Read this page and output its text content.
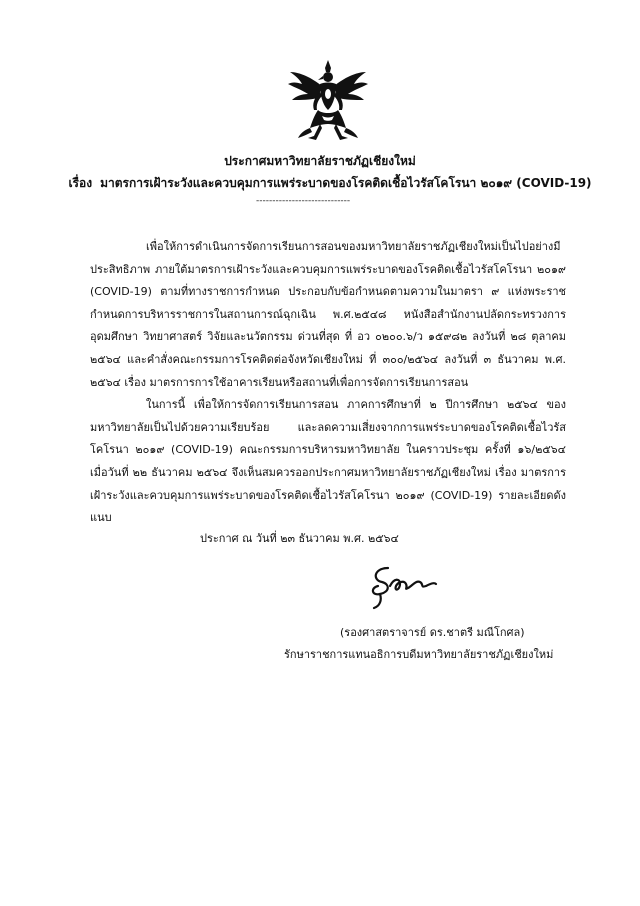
ประกาศมหาวิทยาลัยราชภัฏเชียงใหม่
เรื่อง มาตรการเฝ้าระวังและควบคุมการแพร่ระบาดของโรคติดเชื้อไวรัสโคโรนา ๒๐๑๙ (COVID-19)
-----------------------------

เพื่อให้การดำเนินการจัดการเรียนการสอนของมหาวิทยาลัยราชภัฏเชียงใหม่เป็นไปอย่างมีประสิทธิภาพ ภายใต้มาตรการเฝ้าระวังและควบคุมการแพร่ระบาดของโรคติดเชื้อไวรัสโคโรนา ๒๐๑๙ (COVID-19) ตามที่ทางราชการกำหนด ประกอบกับข้อกำหนดตามความในมาตรา ๙ แห่งพระราชกำหนดการบริหารราชการในสถานการณ์ฉุกเฉิน พ.ศ.๒๕๔๘ หนังสือสำนักงานปลัดกระทรวงการอุดมศึกษา วิทยาศาสตร์ วิจัยและนวัตกรรม ด่วนที่สุด ที่ อว ๐๒๐๐.๖/ว ๑๕๙๘๒ ลงวันที่ ๒๘ ตุลาคม ๒๕๖๔ และคำสั่งคณะกรรมการโรคติดต่อจังหวัดเชียงใหม่ ที่ ๓๐๐/๒๕๖๔ ลงวันที่ ๓ ธันวาคม พ.ศ. ๒๕๖๔ เรื่อง มาตรการการใช้อาคารเรียนหรือสถานที่เพื่อการจัดการเรียนการสอน

ในการนี้ เพื่อให้การจัดการเรียนการสอน ภาคการศึกษาที่ ๒ ปีการศึกษา ๒๕๖๔ ของมหาวิทยาลัยเป็นไปด้วยความเรียบร้อย และลดความเสี่ยงจากการแพร่ระบาดของโรคติดเชื้อไวรัสโคโรนา ๒๐๑๙ (COVID-19) คณะกรรมการบริหารมหาวิทยาลัย ในคราวประชุม ครั้งที่ ๑๖/๒๕๖๔ เมื่อวันที่ ๒๒ ธันวาคม ๒๕๖๔ จึงเห็นสมควรออกประกาศมหาวิทยาลัยราชภัฏเชียงใหม่ เรื่อง มาตรการเฝ้าระวังและควบคุมการแพร่ระบาดของโรคติดเชื้อไวรัสโคโรนา ๒๐๑๙ (COVID-19) รายละเอียดดังแนบ

ประกาศ ณ วันที่ ๒๓ ธันวาคม พ.ศ. ๒๕๖๔
(รองศาสตราจารย์ ดร.ชาตรี มณีโกศล)
รักษาราชการแทนอธิการบดีมหาวิทยาลัยราชภัฏเชียงใหม่
